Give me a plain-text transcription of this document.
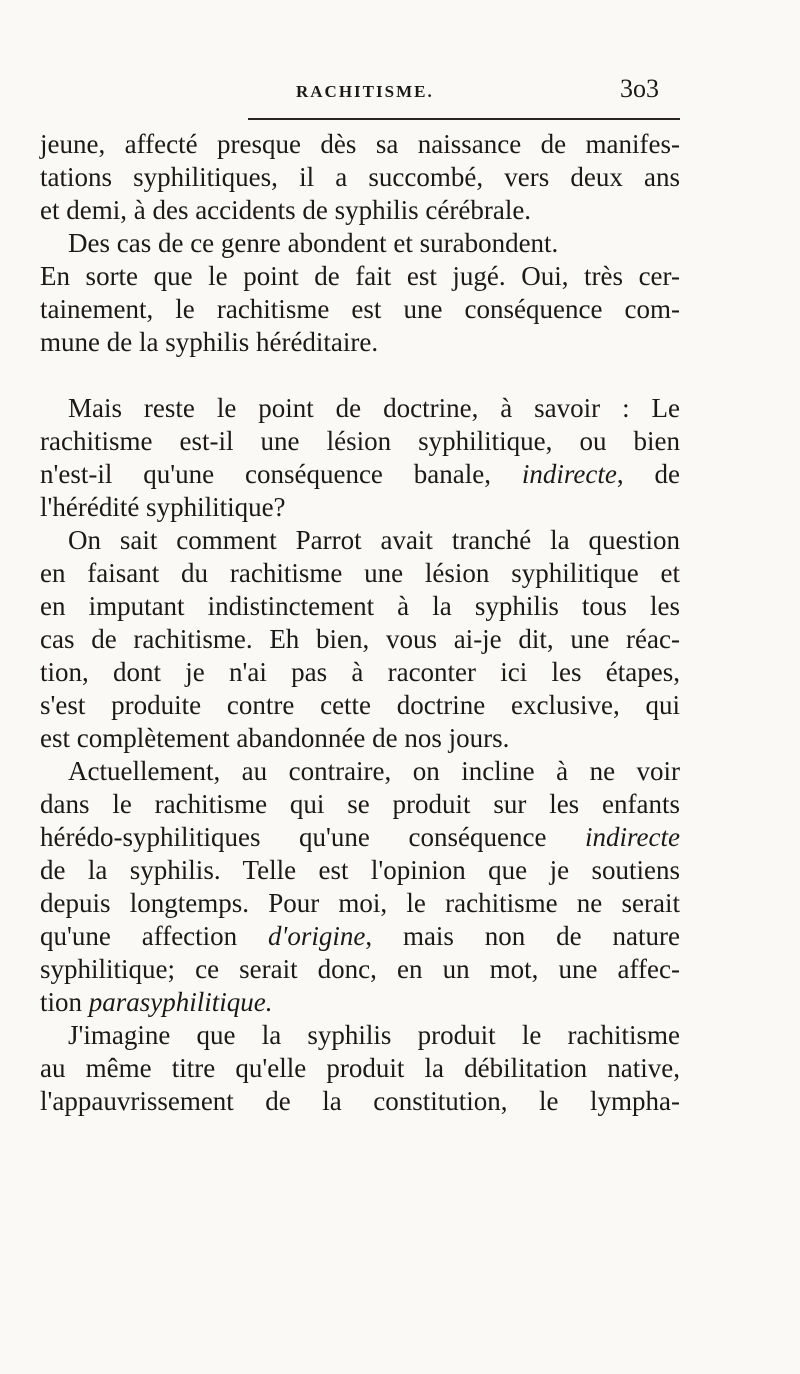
RACHITISME.	3o3
jeune, affecté presque dès sa naissance de manifes-
tations syphilitiques, il a succombé, vers deux ans
et demi, à des accidents de syphilis cérébrale.
Des cas de ce genre abondent et surabondent.
En sorte que le point de fait est jugé. Oui, très cer-
tainement, le rachitisme est une conséquence com-
mune de la syphilis héréditaire.
Mais reste le point de doctrine, à savoir : Le
rachitisme est-il une lésion syphilitique, ou bien
n'est-il qu'une conséquence banale, indirecte, de
l'hérédité syphilitique?
On sait comment Parrot avait tranché la question
en faisant du rachitisme une lésion syphilitique et
en imputant indistinctement à la syphilis tous les
cas de rachitisme. Eh bien, vous ai-je dit, une réac-
tion, dont je n'ai pas à raconter ici les étapes,
s'est produite contre cette doctrine exclusive, qui
est complètement abandonnée de nos jours.
Actuellement, au contraire, on incline à ne voir
dans le rachitisme qui se produit sur les enfants
hérédo-syphilitiques qu'une conséquence indirecte
de la syphilis. Telle est l'opinion que je soutiens
depuis longtemps. Pour moi, le rachitisme ne serait
qu'une affection d'origine, mais non de nature
syphilitique; ce serait donc, en un mot, une affec-
tion parasyphilitique.
J'imagine que la syphilis produit le rachitisme
au même titre qu'elle produit la débilitation native,
l'appauvrissement de la constitution, le lympha-
